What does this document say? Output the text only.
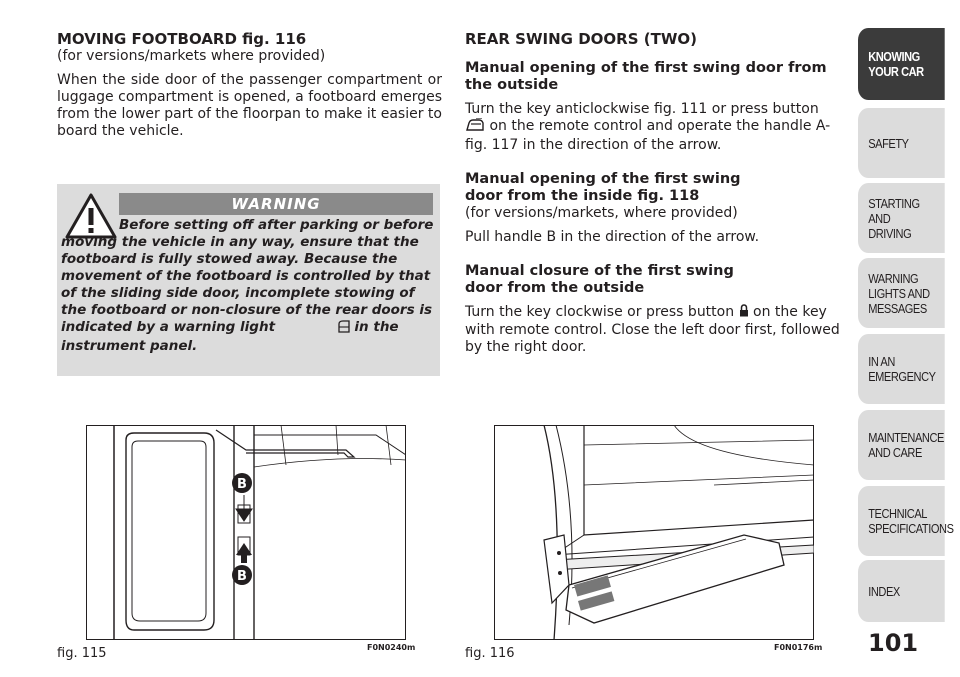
MOVING FOOTBOARD fig. 116

(for versions/markets where provided)

When the side door of the passenger compartment or luggage compartment is opened, a footboard emerges from the lower part of the floorpan to make it easier to board the vehicle.

WARNING
Before setting off after parking or before moving the vehicle in any way, ensure that the footboard is fully stowed away. Because the movement of the footboard is controlled by that of the sliding side door, incomplete stowing of the footboard or non-closure of the rear doors is indicated by a warning light	in the instrument panel.
REAR SWING DOORS (TWO)
Manual opening of the first swing door from the outside

Turn the key anticlockwise fig. 111 or press button  on the remote control and operate the handle A-fig. 117 in the direction of the arrow.

Manual opening of the first swing door from the inside fig. 118

(for versions/markets, where provided)

Pull handle B in the direction of the arrow.

Manual closure of the first swing door from the outside

Turn the key clockwise or press button on the key with remote control. Close the left door first, followed by the right door.

B
B
fig. 115	F0N0240m	fig. 116	F0N0176m
KNOWING
YOUR CAR
SAFETY
STARTING
AND
DRIVING
WARNING
LIGHTS AND
MESSAGES
IN AN
EMERGENCY
MAINTENANCE
AND CARE
TECHNICAL
SPECIFICATIONS
INDEX
101
